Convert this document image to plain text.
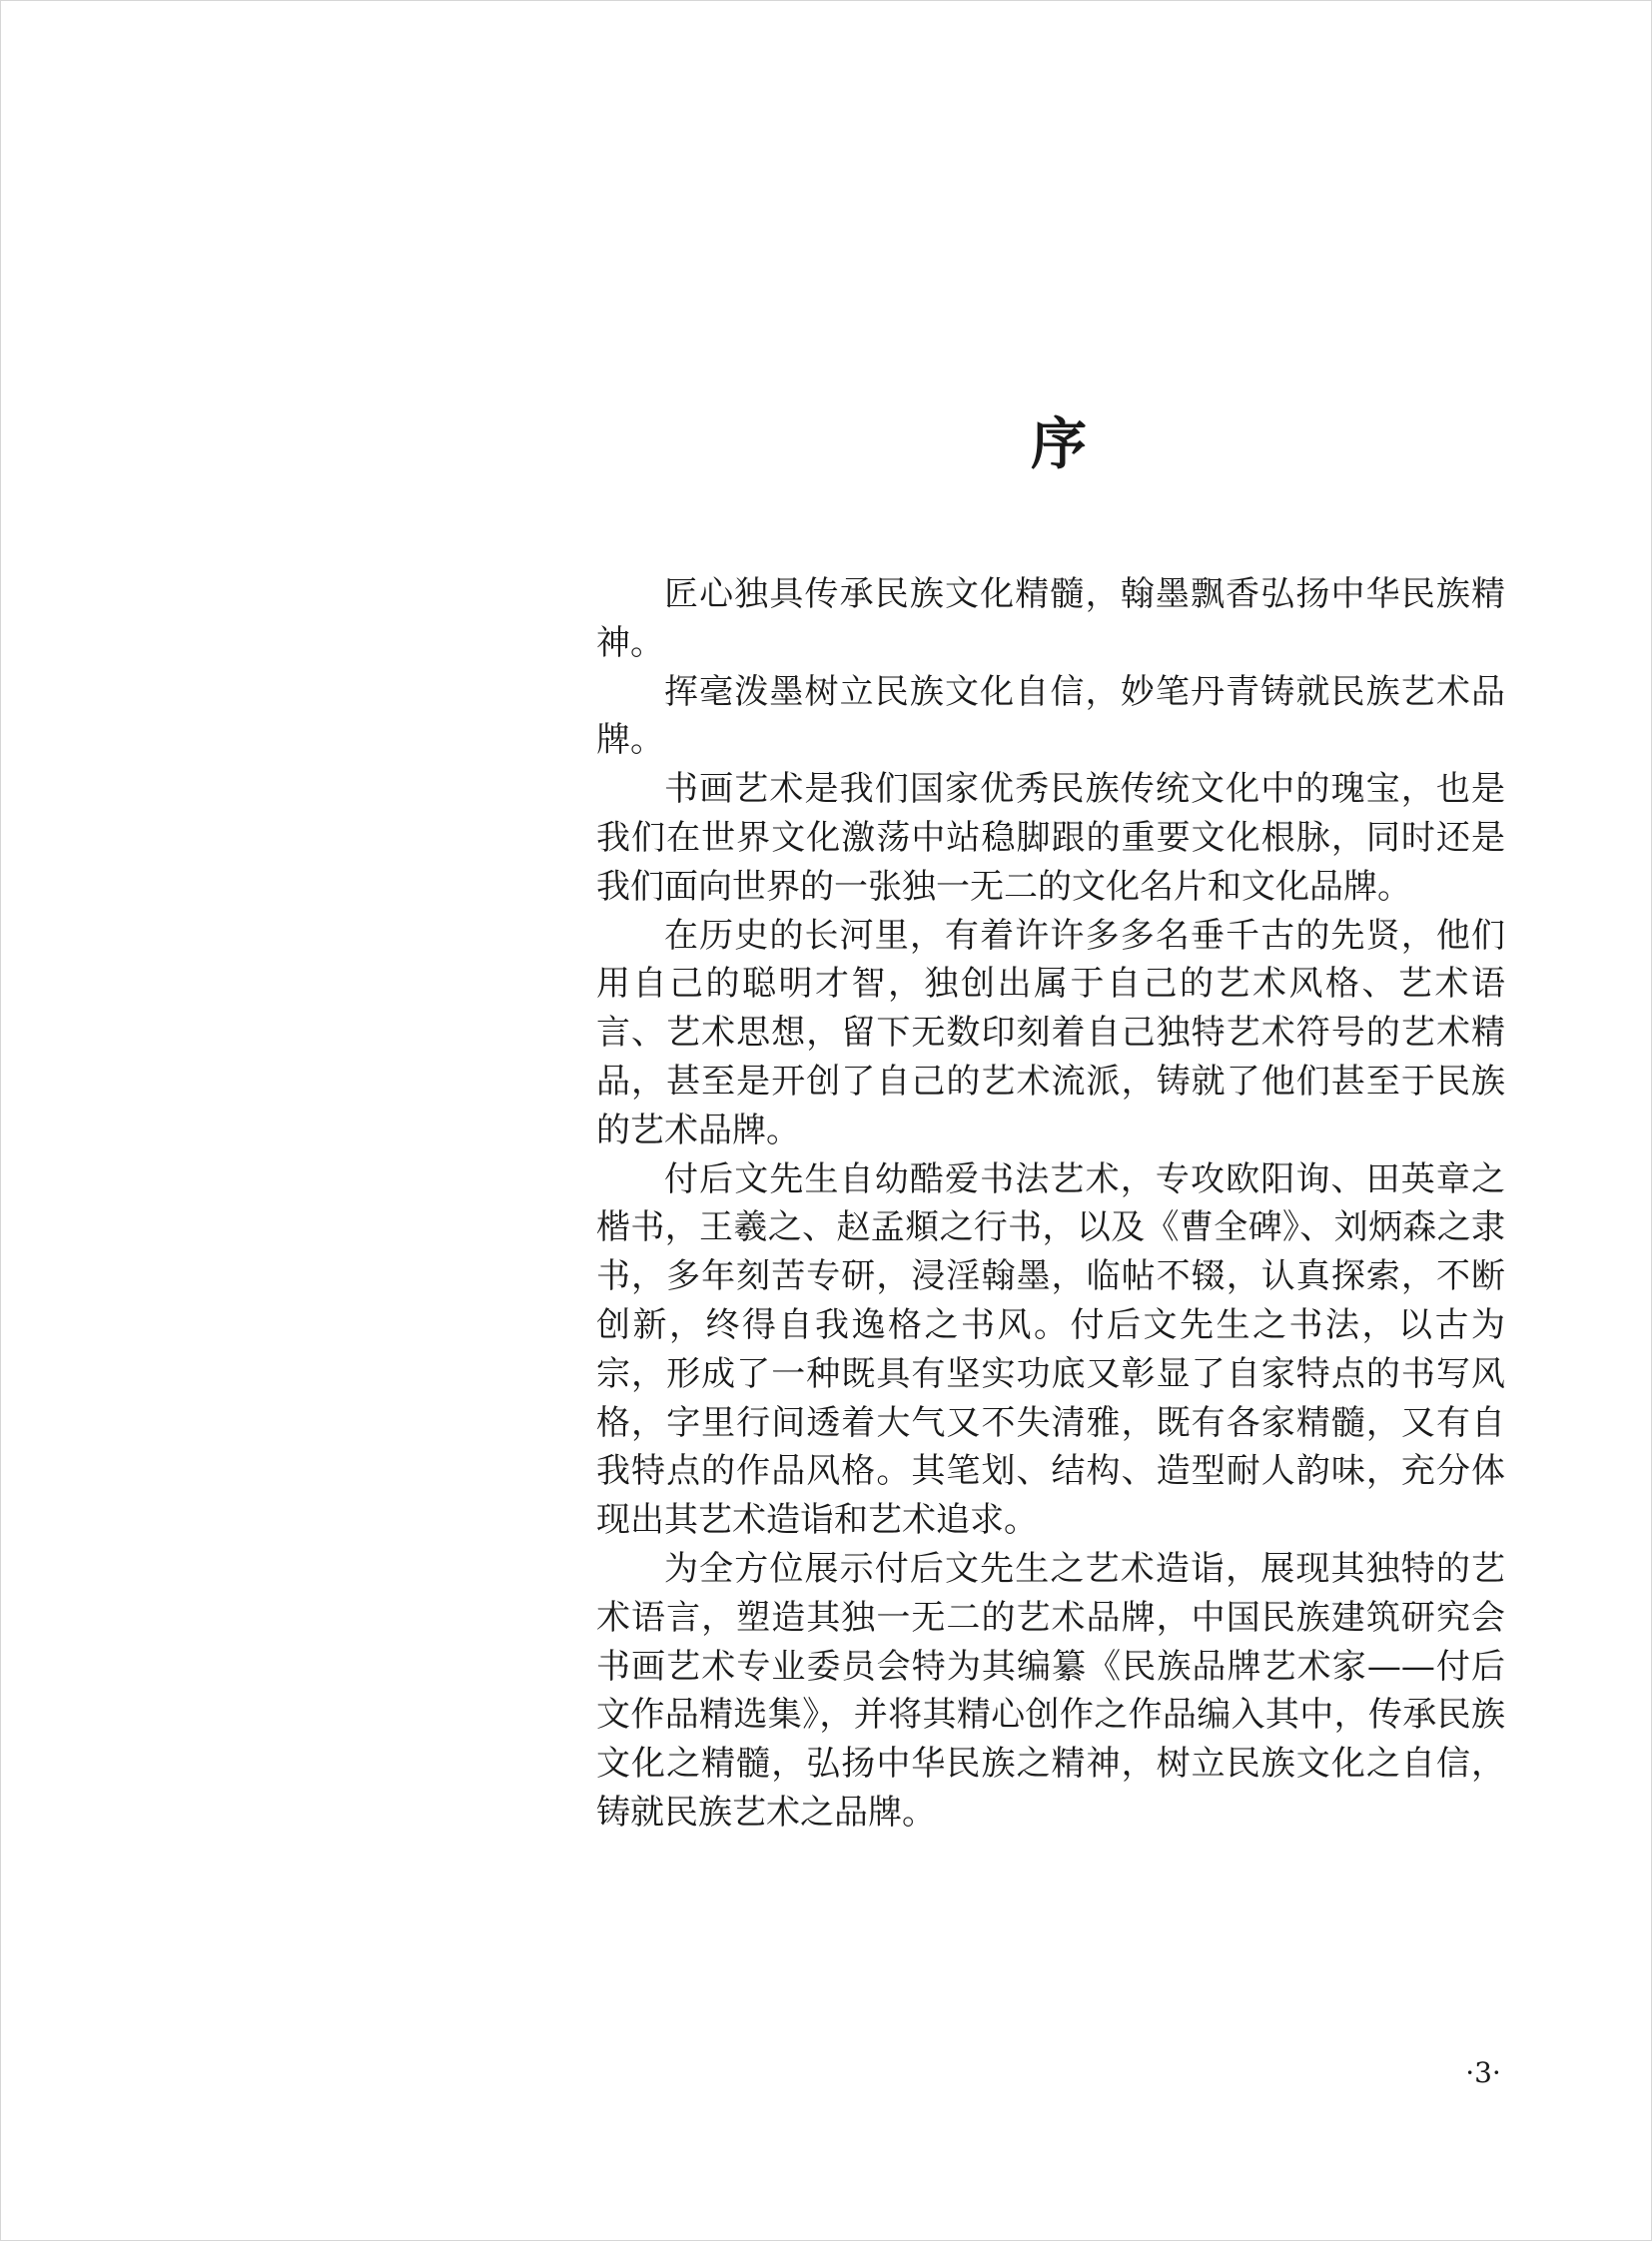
序

匠心独具传承民族文化精髓，翰墨飘香弘扬中华民族精神。

挥毫泼墨树立民族文化自信，妙笔丹青铸就民族艺术品牌。

书画艺术是我们国家优秀民族传统文化中的瑰宝，也是我们在世界文化激荡中站稳脚跟的重要文化根脉，同时还是我们面向世界的一张独一无二的文化名片和文化品牌。

在历史的长河里，有着许许多多名垂千古的先贤，他们用自己的聪明才智，独创出属于自己的艺术风格、艺术语言、艺术思想，留下无数印刻着自己独特艺术符号的艺术精品，甚至是开创了自己的艺术流派，铸就了他们甚至于民族的艺术品牌。

付后文先生自幼酷爱书法艺术，专攻欧阳询、田英章之楷书，王羲之、赵孟頫之行书，以及《曹全碑》、刘炳森之隶书，多年刻苦专研，浸淫翰墨，临帖不辍，认真探索，不断创新，终得自我逸格之书风。付后文先生之书法，以古为宗，形成了一种既具有坚实功底又彰显了自家特点的书写风格，字里行间透着大气又不失清雅，既有各家精髓，又有自我特点的作品风格。其笔划、结构、造型耐人韵味，充分体现出其艺术造诣和艺术追求。

为全方位展示付后文先生之艺术造诣，展现其独特的艺术语言，塑造其独一无二的艺术品牌，中国民族建筑研究会书画艺术专业委员会特为其编纂《民族品牌艺术家——付后文作品精选集》，并将其精心创作之作品编入其中，传承民族文化之精髓，弘扬中华民族之精神，树立民族文化之自信，铸就民族艺术之品牌。

·3·
